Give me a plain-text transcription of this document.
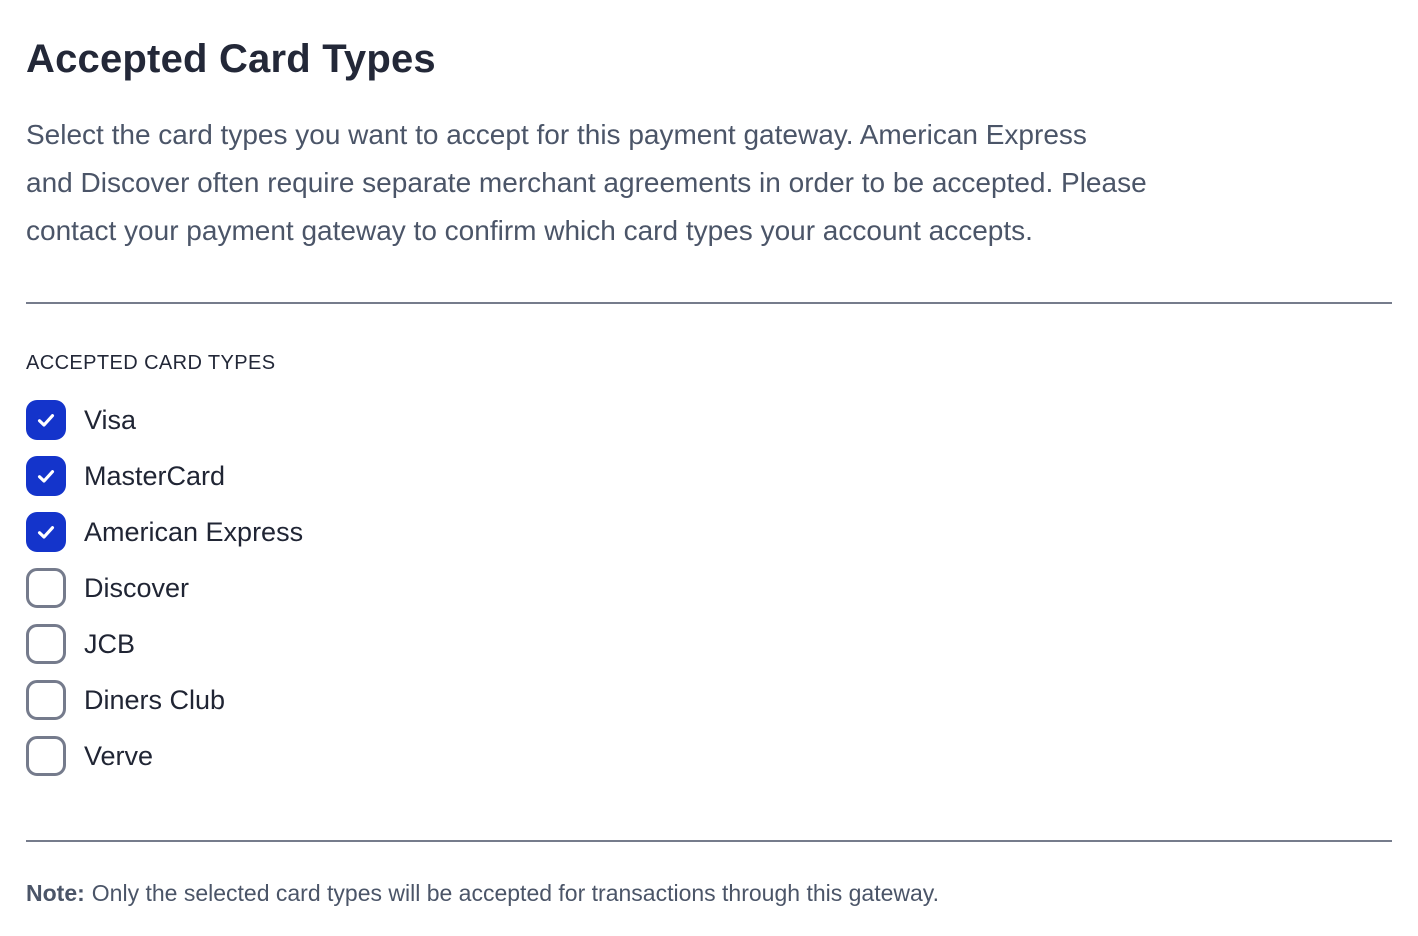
Accepted Card Types
Select the card types you want to accept for this payment gateway. American Express
and Discover often require separate merchant agreements in order to be accepted. Please
contact your payment gateway to confirm which card types your account accepts.
ACCEPTED CARD TYPES
Visa
MasterCard
American Express
Discover
JCB
Diners Club
Verve

Note: Only the selected card types will be accepted for transactions through this gateway.
